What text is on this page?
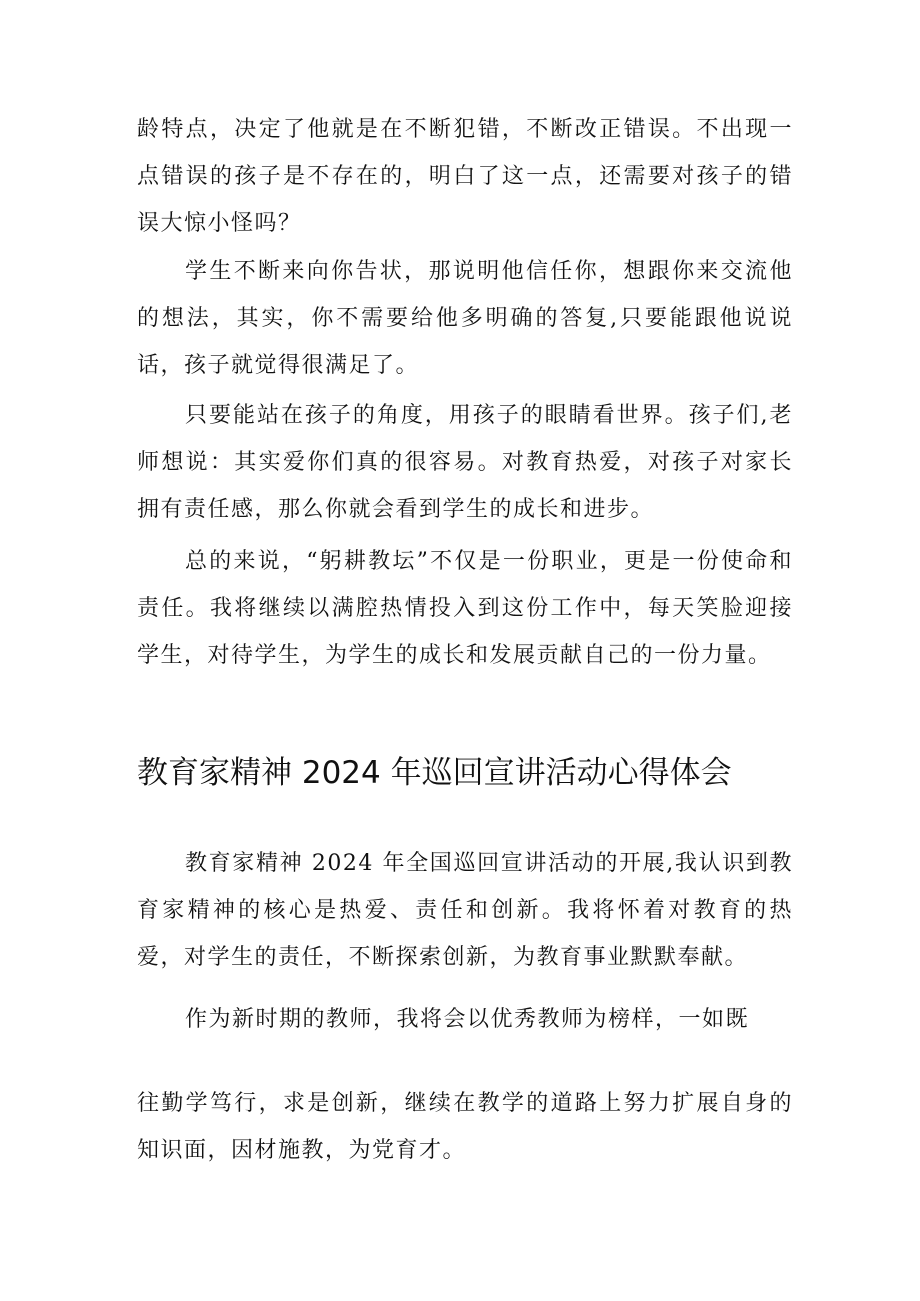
龄特点，决定了他就是在不断犯错，不断改正错误。不出现一点错误的孩子是不存在的，明白了这一点，还需要对孩子的错误大惊小怪吗？

学生不断来向你告状，那说明他信任你，想跟你来交流他的想法，其实，你不需要给他多明确的答复,只要能跟他说说话，孩子就觉得很满足了。

只要能站在孩子的角度，用孩子的眼睛看世界。孩子们,老师想说：其实爱你们真的很容易。对教育热爱，对孩子对家长拥有责任感，那么你就会看到学生的成长和进步。

总的来说，“躬耕教坛”不仅是一份职业，更是一份使命和责任。我将继续以满腔热情投入到这份工作中，每天笑脸迎接学生，对待学生，为学生的成长和发展贡献自己的一份力量。

教育家精神 2024 年巡回宣讲活动心得体会

教育家精神 2024 年全国巡回宣讲活动的开展,我认识到教育家精神的核心是热爱、责任和创新。我将怀着对教育的热爱，对学生的责任，不断探索创新，为教育事业默默奉献。

作为新时期的教师，我将会以优秀教师为榜样，一如既

往勤学笃行，求是创新，继续在教学的道路上努力扩展自身的知识面，因材施教，为党育才。
